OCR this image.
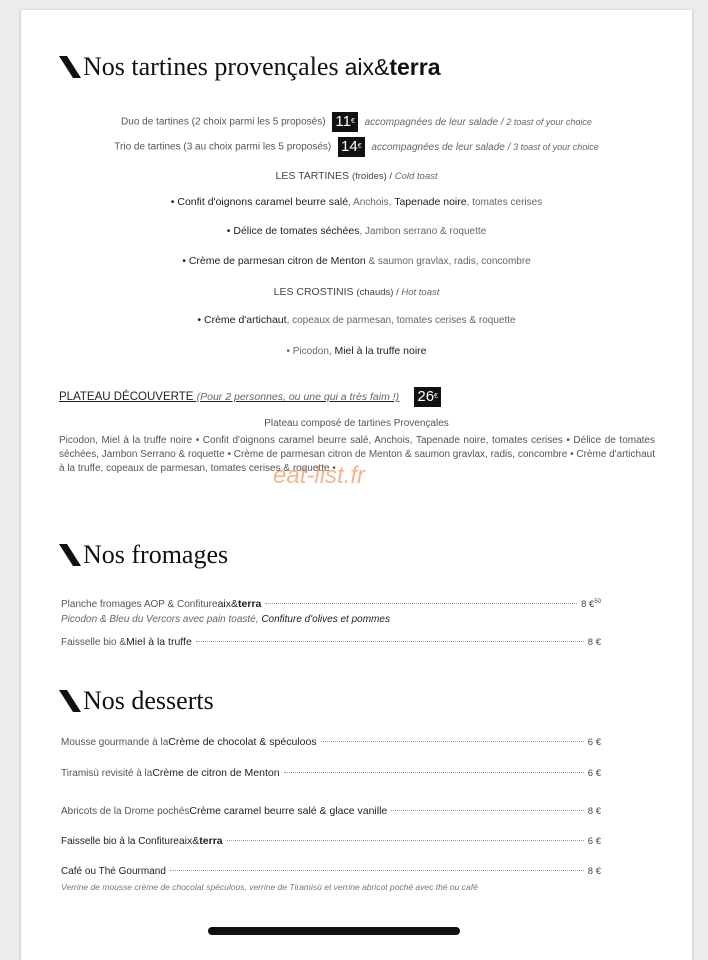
Nos tartines provençales aix&terra
Duo de tartines (2 choix parmi les 5 proposés) 11€ accompagnées de leur salade / 2 toast of your choice
Trio de tartines (3 au choix parmi les 5 proposés) 14€ accompagnées de leur salade / 3 toast of your choice
LES TARTINES (froides) / Cold toast
• Confit d'oignons caramel beurre salé, Anchois, Tapenade noire, tomates cerises
• Délice de tomates séchées, Jambon serrano & roquette
• Crème de parmesan citron de Menton & saumon gravlax, radis, concombre
LES CROSTINIS (chauds) / Hot toast
• Crème d'artichaut, copeaux de parmesan, tomates cerises & roquette
• Picodon, Miel à la truffe noire
PLATEAU DÉCOUVERTE (Pour 2 personnes, ou une qui a très faim !) 26€
Plateau composé de tartines Provençales
Picodon, Miel à la truffe noire • Confit d'oignons caramel beurre salé, Anchois, Tapenade noire, tomates cerises • Délice de tomates séchées, Jambon Serrano & roquette • Crème de parmesan citron de Menton & saumon gravlax, radis, concombre • Crème d'artichaut à la truffe, copeaux de parmesan, tomates cerises & roquette •
eat-list.fr
Nos fromages
Planche fromages AOP & Confiture aix&terra	8 €$^{50}$
Picodon & Bleu du Vercors avec pain toasté, Confiture d'olives et pommes
Faisselle bio & Miel à la truffe	8 €
Nos desserts
Mousse gourmande à la Crème de chocolat & spéculoos	6 €
Tiramisù revisité à la Crème de citron de Menton	6 €
Abricots de la Drome pochés Crème caramel beurre salé & glace vanille	8 €
Faisselle bio à la Confiture aix&terra	6 €
Café ou Thé Gourmand	8 €
Verrine de mousse crème de chocolat spéculoos, verrine de Tiramisù et verrine abricot poché avec thé ou café
